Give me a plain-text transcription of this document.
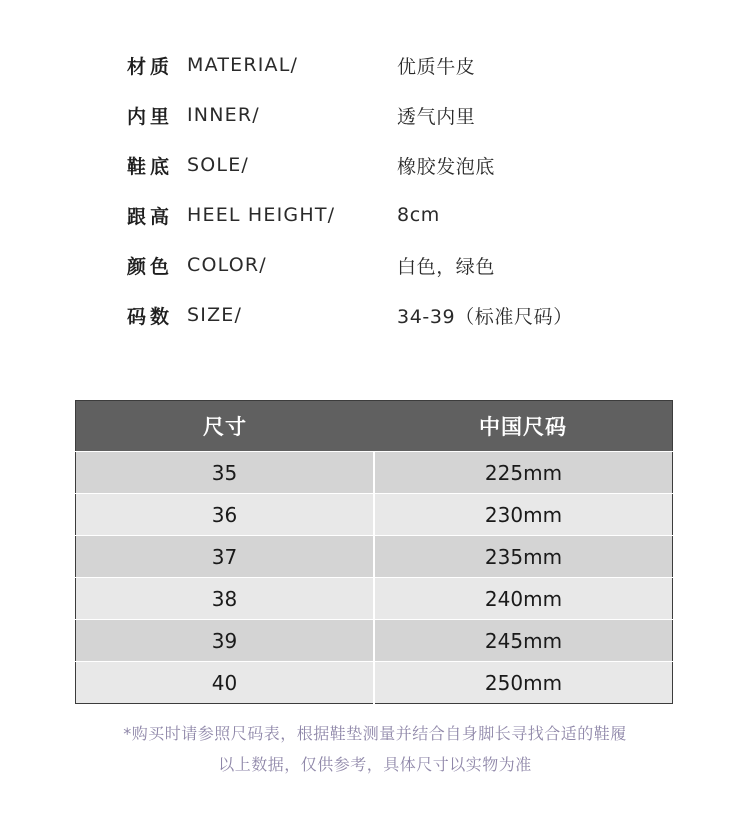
材质 MATERIAL/	优质牛皮
内里 INNER/	透气内里
鞋底 SOLE/	橡胶发泡底
跟高 HEEL HEIGHT/	8cm
颜色 COLOR/	白色，绿色
码数 SIZE/	34-39（标准尺码）
尺寸	中国尺码
35	225mm
36	230mm
37	235mm
38	240mm
39	245mm
40	250mm
*购买时请参照尺码表，根据鞋垫测量并结合自身脚长寻找合适的鞋履
以上数据，仅供参考，具体尺寸以实物为准
